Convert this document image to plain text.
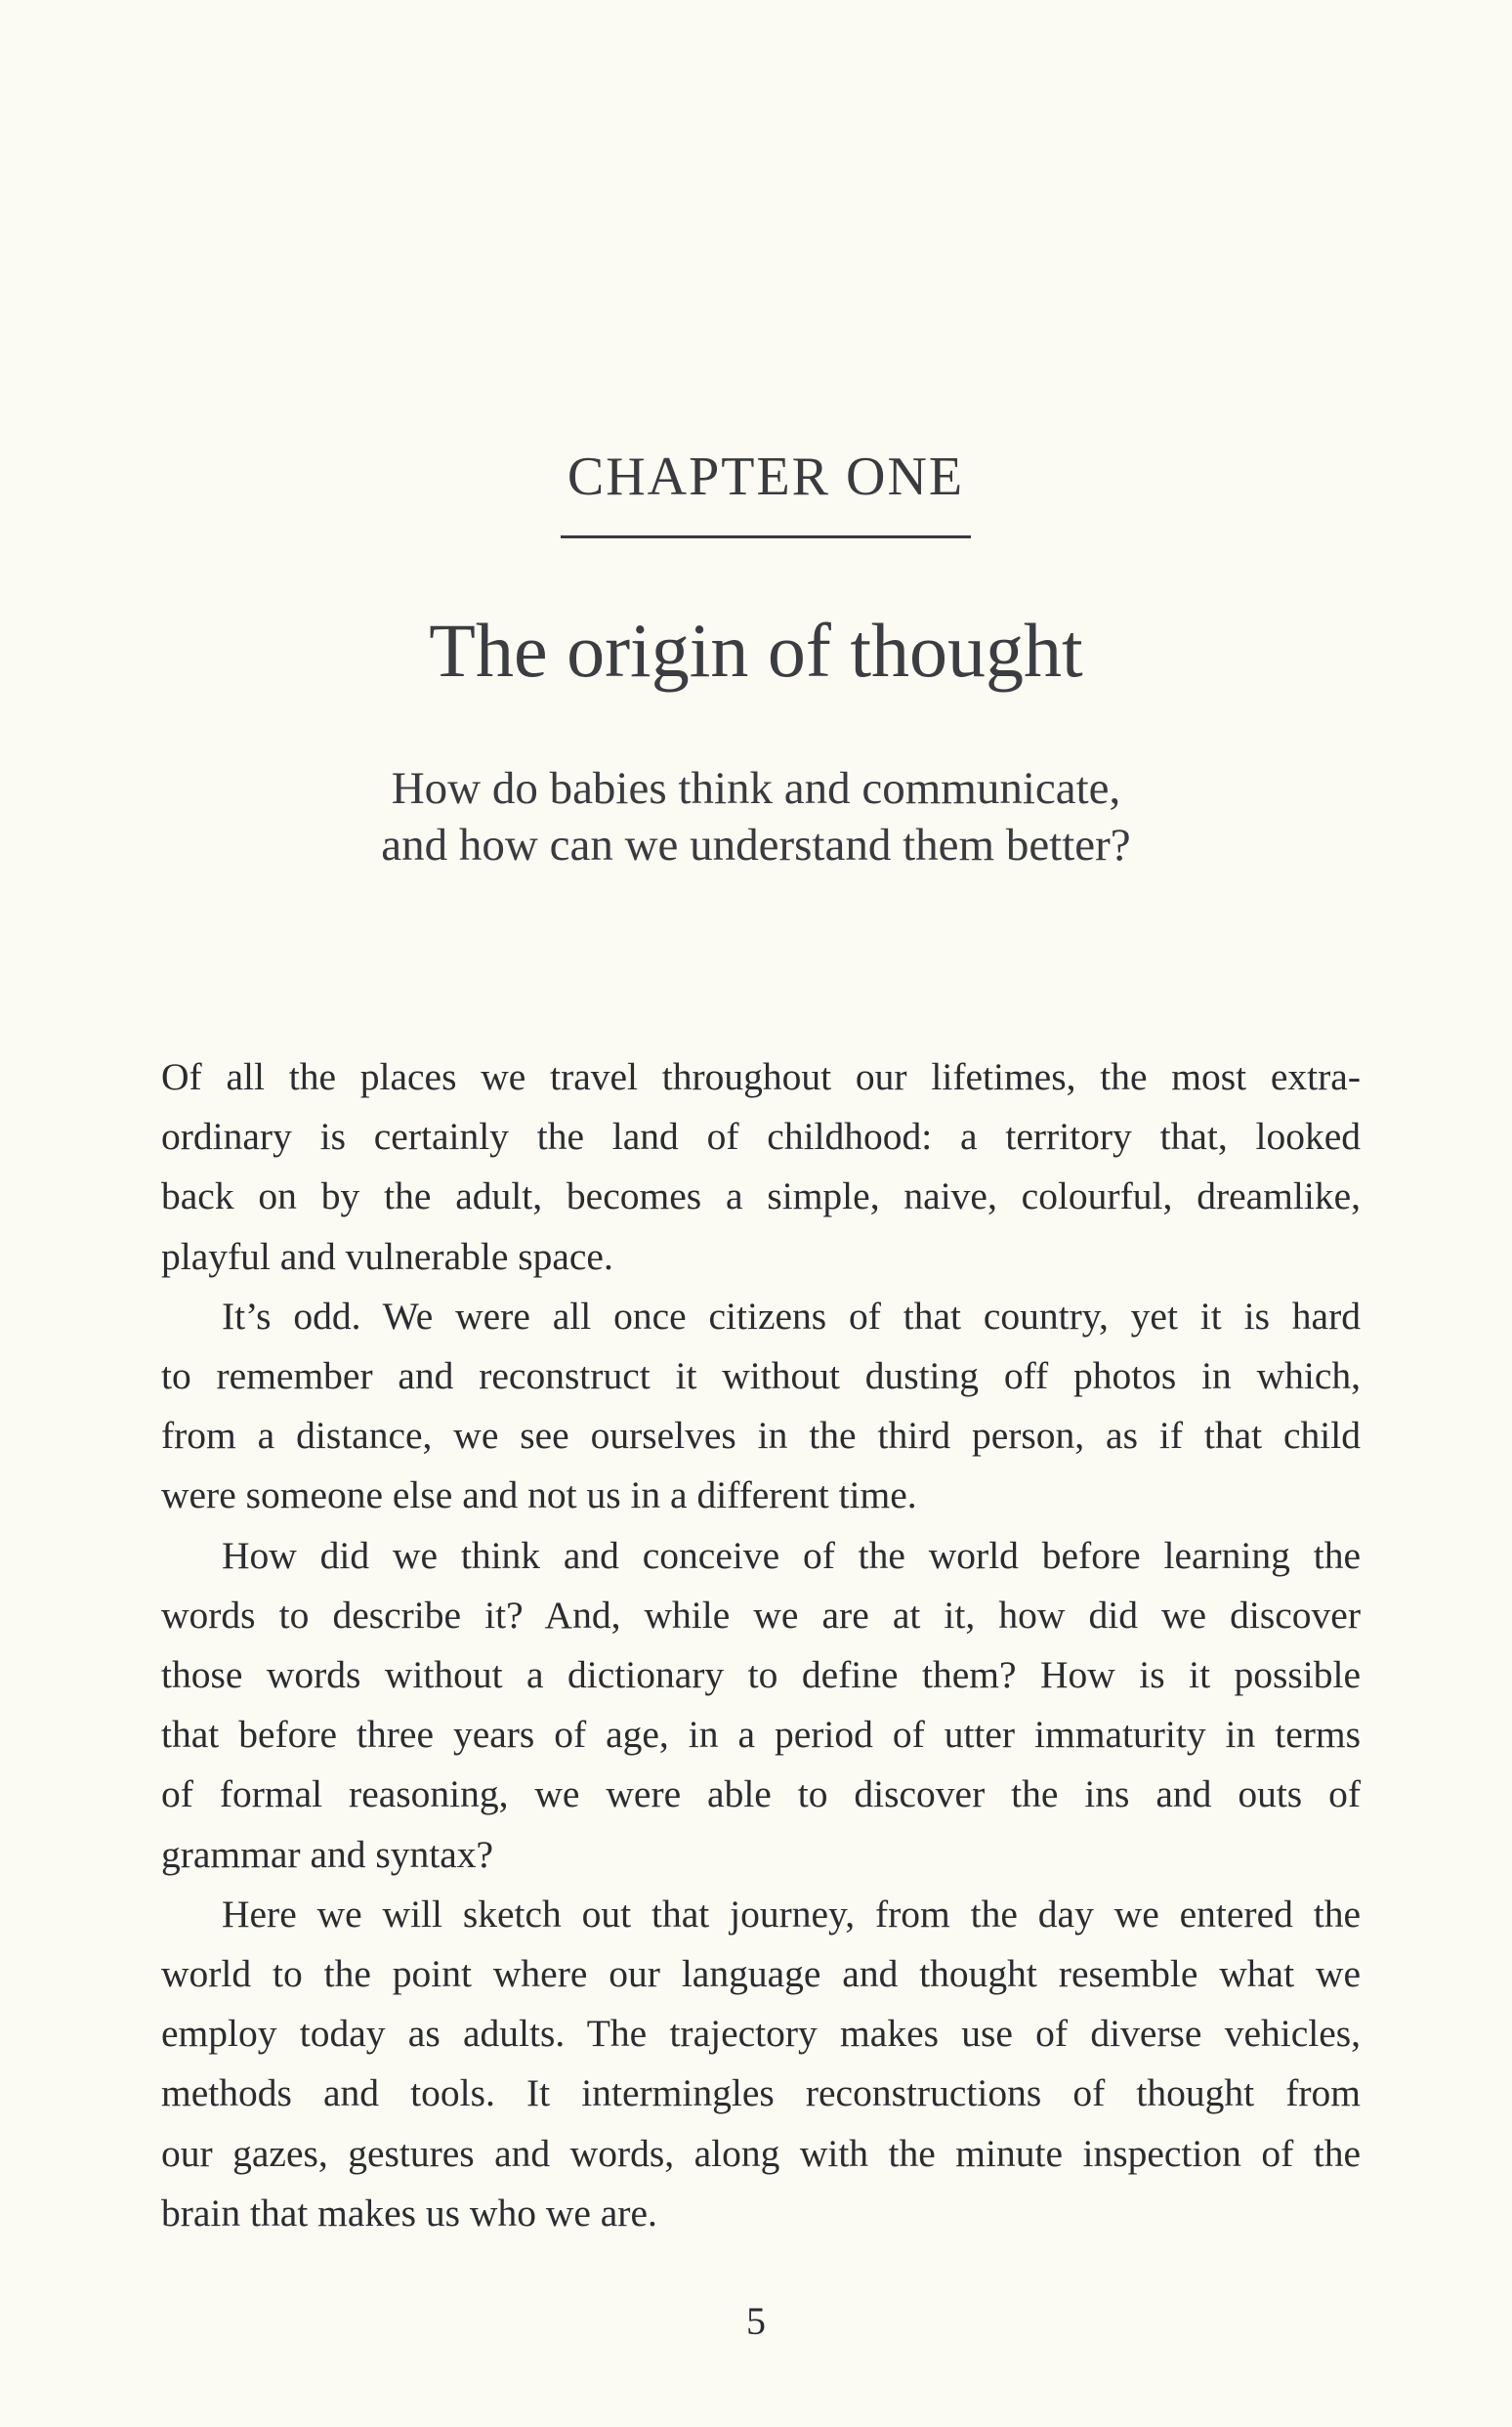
CHAPTER ONE
The origin of thought
How do babies think and communicate,
and how can we understand them better?

Of all the places we travel throughout our lifetimes, the most extra-
ordinary is certainly the land of childhood: a territory that, looked
back on by the adult, becomes a simple, naive, colourful, dreamlike,
playful and vulnerable space.

It’s odd. We were all once citizens of that country, yet it is hard
to remember and reconstruct it without dusting off photos in which,
from a distance, we see ourselves in the third person, as if that child
were someone else and not us in a different time.

How did we think and conceive of the world before learning the
words to describe it? And, while we are at it, how did we discover
those words without a dictionary to define them? How is it possible
that before three years of age, in a period of utter immaturity in terms
of formal reasoning, we were able to discover the ins and outs of
grammar and syntax?

Here we will sketch out that journey, from the day we entered the
world to the point where our language and thought resemble what we
employ today as adults. The trajectory makes use of diverse vehicles,
methods and tools. It intermingles reconstructions of thought from
our gazes, gestures and words, along with the minute inspection of the
brain that makes us who we are.

5
